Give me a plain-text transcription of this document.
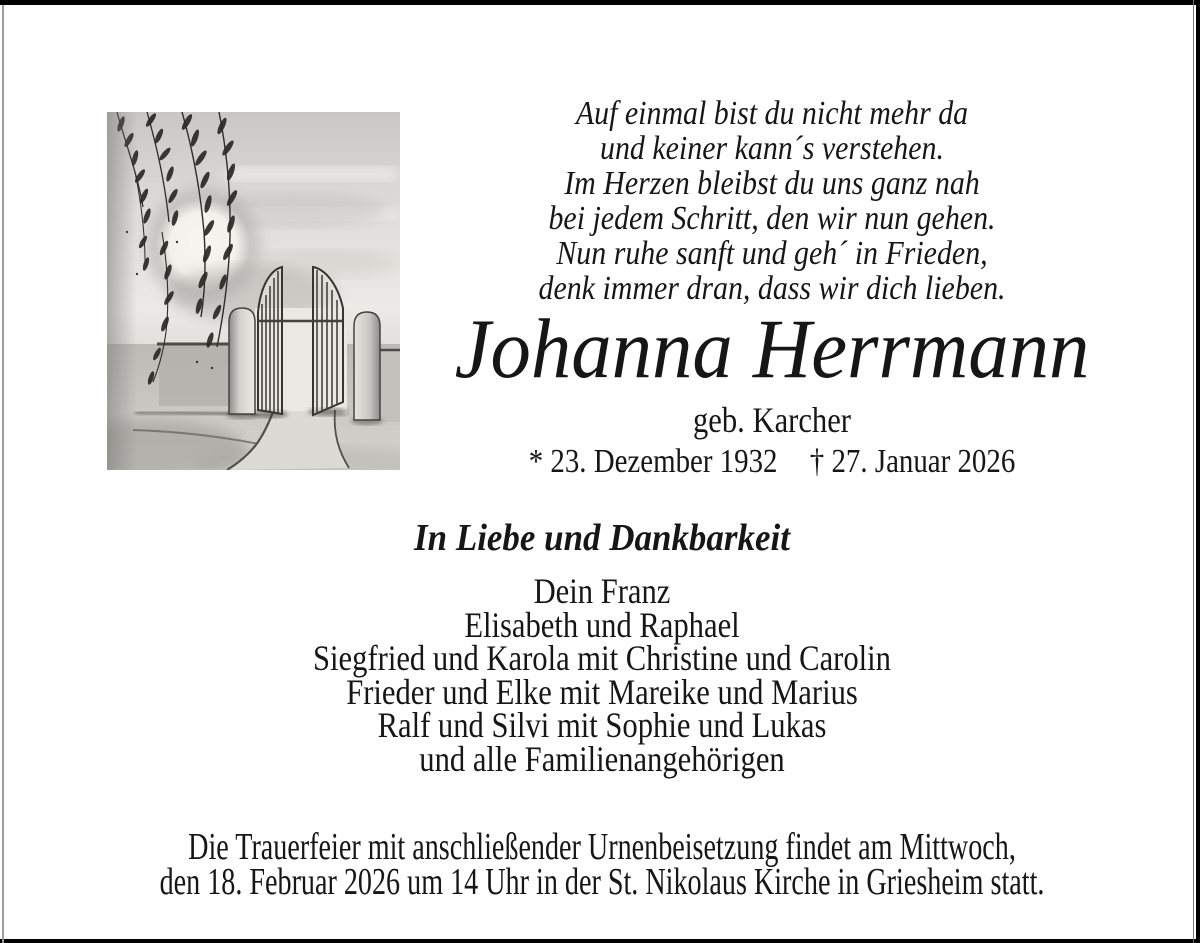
Auf einmal bist du nicht mehr da
und keiner kann´s verstehen.
Im Herzen bleibst du uns ganz nah
bei jedem Schritt, den wir nun gehen.
Nun ruhe sanft und geh´ in Frieden,
denk immer dran, dass wir dich lieben.
Johanna Herrmann
geb. Karcher
* 23. Dezember 1932 † 27. Januar 2026
In Liebe und Dankbarkeit
Dein Franz
Elisabeth und Raphael
Siegfried und Karola mit Christine und Carolin
Frieder und Elke mit Mareike und Marius
Ralf und Silvi mit Sophie und Lukas
und alle Familienangehörigen
Die Trauerfeier mit anschließender Urnenbeisetzung findet am Mittwoch,
den 18. Februar 2026 um 14 Uhr in der St. Nikolaus Kirche in Griesheim statt.
